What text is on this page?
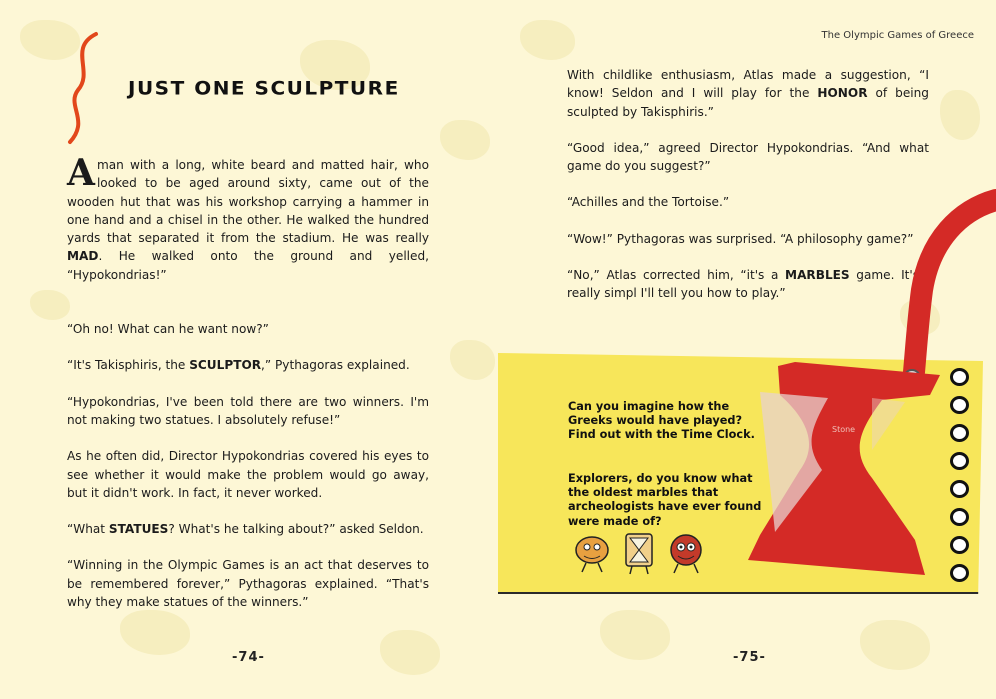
The Olympic Games of Greece
JUST ONE SCULPTURE

Aman with a long, white beard and matted hair, who looked to be aged around sixty, came out of the wooden hut that was his workshop carrying a hammer in one hand and a chisel in the other. He walked the hundred yards that separated it from the stadium. He was really MAD. He walked onto the ground and yelled, “Hypokondrias!”

“Oh no! What can he want now?”

“It's Takisphiris, the SCULPTOR,” Pythagoras explained.

“Hypokondrias, I've been told there are two winners. I'm not making two statues. I absolutely refuse!”

As he often did, Director Hypokondrias covered his eyes to see whether it would make the problem would go away, but it didn't work. In fact, it never worked.

“What STATUES? What's he talking about?” asked Seldon.

“Winning in the Olympic Games is an act that deserves to be remembered forever,” Pythagoras explained. “That's why they make statues of the winners.”

-74-

With childlike enthusiasm, Atlas made a suggestion, “I know! Seldon and I will play for the HONOR of being sculpted by Takisphiris.”

“Good idea,” agreed Director Hypokondrias. “And what game do you suggest?”

“Achilles and the Tortoise.”

“Wow!” Pythagoras was surprised. “A philosophy game?”

“No,” Atlas corrected him, “it's a MARBLES game. It's really simpl I'll tell you how to play.”

Can you imagine how the Greeks would have played? Find out with the Time Clock.
Explorers, do you know what the oldest marbles that archeologists have ever found were made of?
Stone
-75-
